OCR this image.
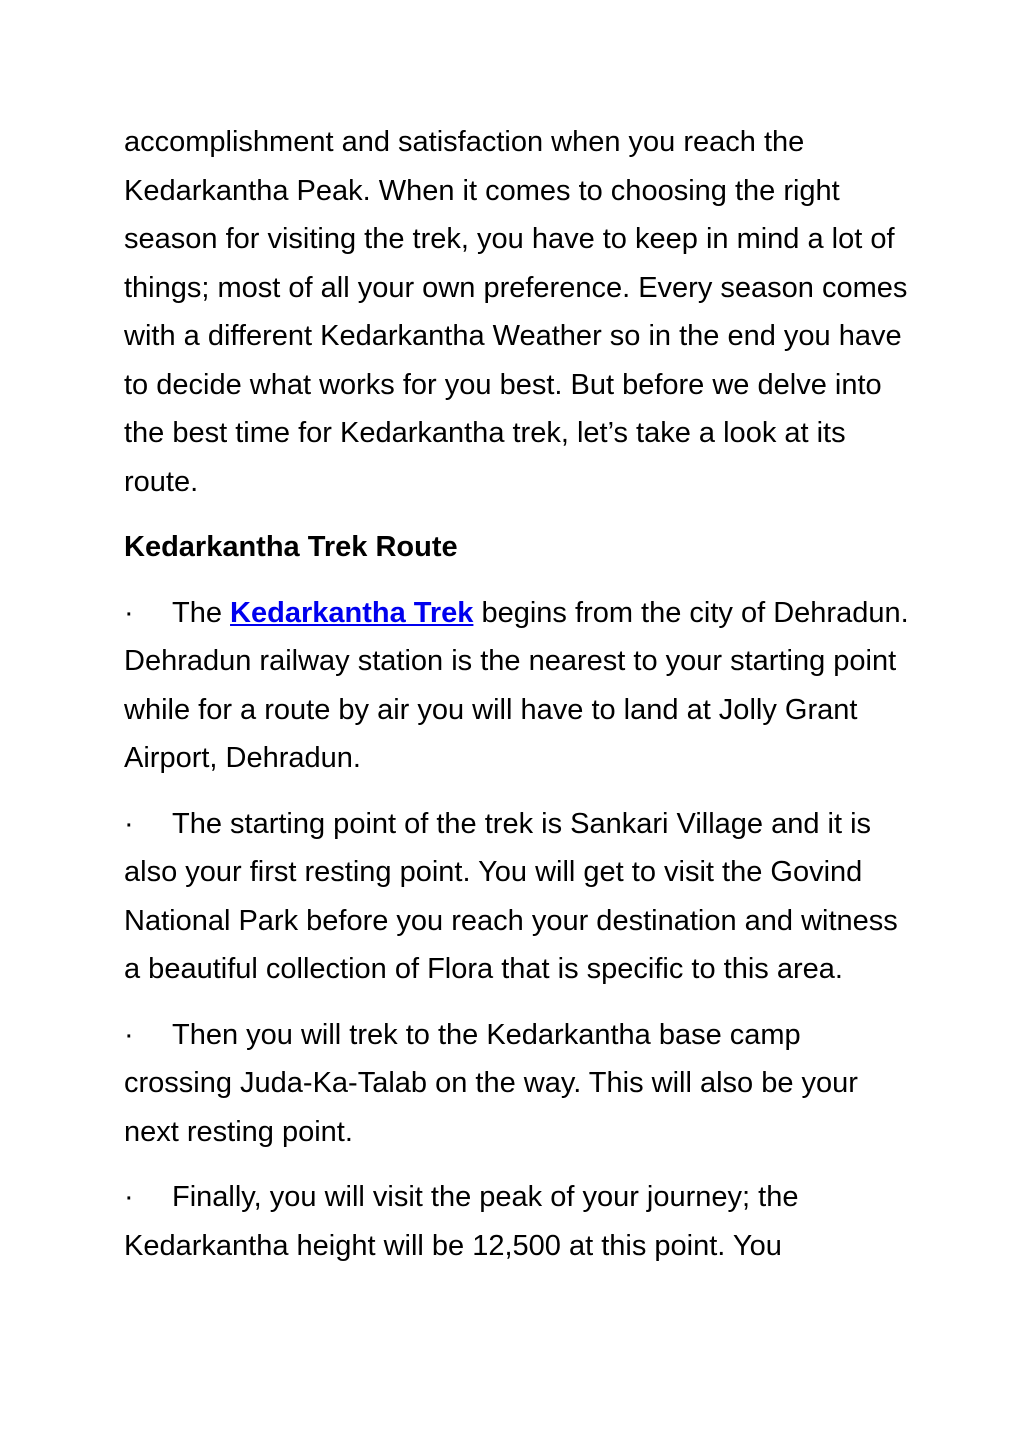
accomplishment and satisfaction when you reach the Kedarkantha Peak. When it comes to choosing the right season for visiting the trek, you have to keep in mind a lot of things; most of all your own preference. Every season comes with a different Kedarkantha Weather so in the end you have to decide what works for you best. But before we delve into the best time for Kedarkantha trek, let’s take a look at its route.

Kedarkantha Trek Route

· The Kedarkantha Trek begins from the city of Dehradun. Dehradun railway station is the nearest to your starting point while for a route by air you will have to land at Jolly Grant Airport, Dehradun.

· The starting point of the trek is Sankari Village and it is also your first resting point. You will get to visit the Govind National Park before you reach your destination and witness a beautiful collection of Flora that is specific to this area.

· Then you will trek to the Kedarkantha base camp crossing Juda-Ka-Talab on the way. This will also be your next resting point.

· Finally, you will visit the peak of your journey; the Kedarkantha height will be 12,500 at this point. You
